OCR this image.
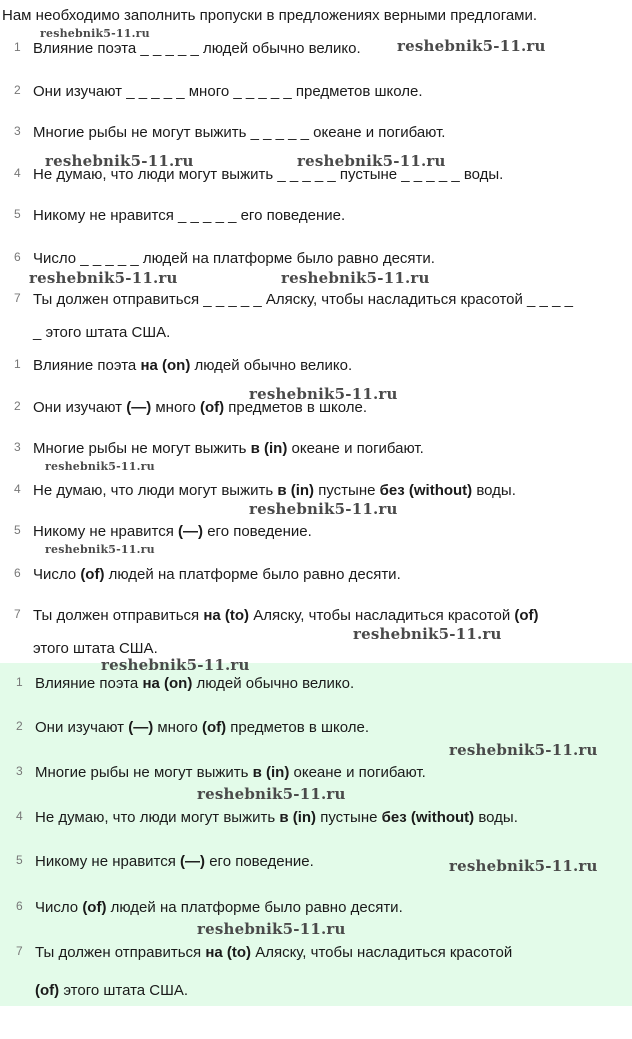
Нам необходимо заполнить пропуски в предложениях верными предлогами.
1 Влияние поэта _ _ _ _ _ людей обычно велико.
2 Они изучают _ _ _ _ _ много _ _ _ _ _ предметов школе.
3 Многие рыбы не могут выжить _ _ _ _ _ океане и погибают.
4 Не думаю, что люди могут выжить _ _ _ _ _ пустыне _ _ _ _ _ воды.
5 Никому не нравится _ _ _ _ _ его поведение.
6 Число _ _ _ _ _ людей на платформе было равно десяти.
7 Ты должен отправиться _ _ _ _ _ Аляску, чтобы насладиться красотой _ _ _ _
_ этого штата США.
1 Влияние поэта на (on) людей обычно велико.
2 Они изучают (—) много (of) предметов в школе.
3 Многие рыбы не могут выжить в (in) океане и погибают.
4 Не думаю, что люди могут выжить в (in) пустыне без (without) воды.
5 Никому не нравится (—) его поведение.
6 Число (of) людей на платформе было равно десяти.
7 Ты должен отправиться на (to) Аляску, чтобы насладиться красотой (of)
этого штата США.
1 Влияние поэта на (on) людей обычно велико.
2 Они изучают (—) много (of) предметов в школе.
3 Многие рыбы не могут выжить в (in) океане и погибают.
4 Не думаю, что люди могут выжить в (in) пустыне без (without) воды.
5 Никому не нравится (—) его поведение.
6 Число (of) людей на платформе было равно десяти.
7 Ты должен отправиться на (to) Аляску, чтобы насладиться красотой
(of) этого штата США.
reshebnik5-11.ru
reshebnik5-11.ru
reshebnik5-11.ru	reshebnik5-11.ru
reshebnik5-11.ru	reshebnik5-11.ru
reshebnik5-11.ru
reshebnik5-11.ru
reshebnik5-11.ru
reshebnik5-11.ru
reshebnik5-11.ru
reshebnik5-11.ru
reshebnik5-11.ru
reshebnik5-11.ru
reshebnik5-11.ru
reshebnik5-11.ru
